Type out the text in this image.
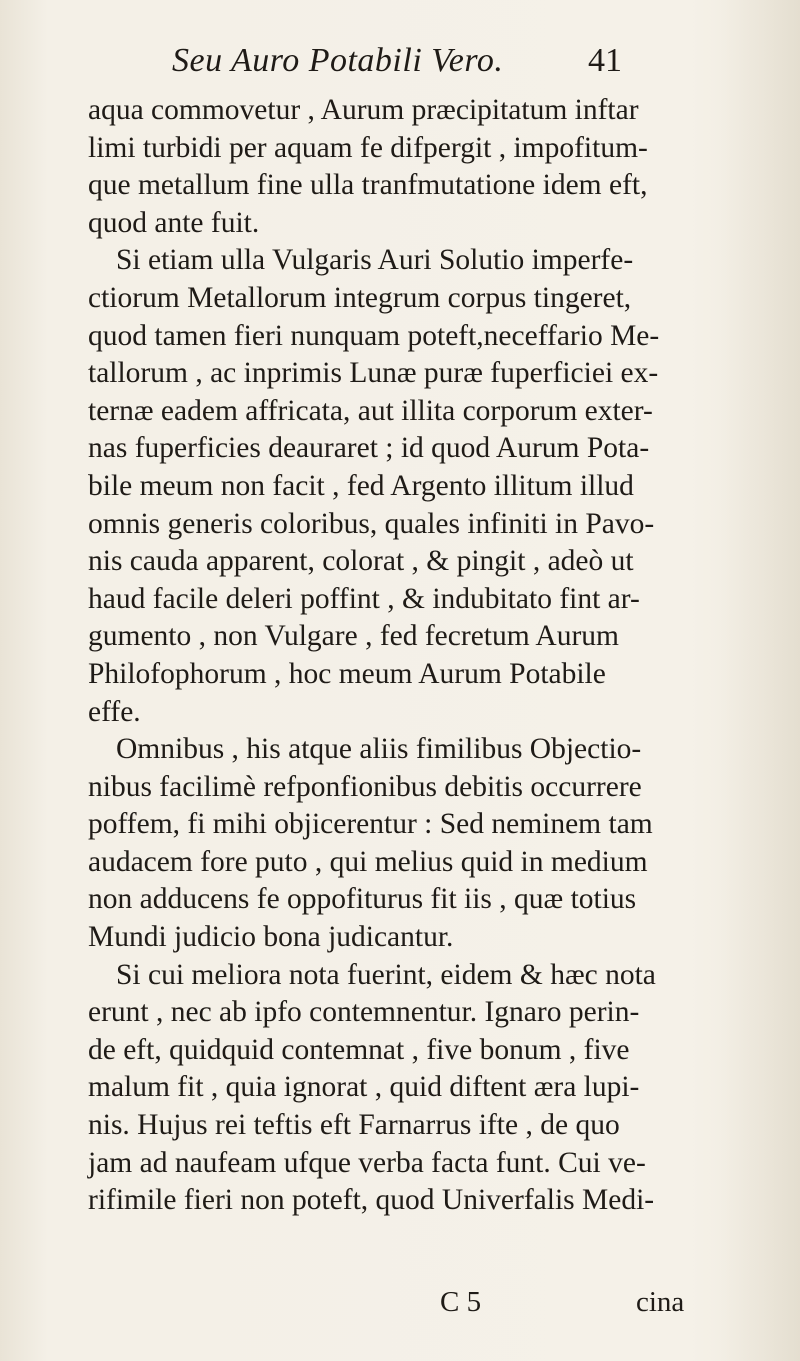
Seu Auro Potabili Vero. 41
aqua commovetur , Aurum præcipitatum inftar
limi turbidi per aquam fe difpergit , impofitum-
que metallum fine ulla tranfmutatione idem eft,
quod ante fuit.
Si etiam ulla Vulgaris Auri Solutio imperfe-
ctiorum Metallorum integrum corpus tingeret,
quod tamen fieri nunquam poteft,neceffario Me-
tallorum , ac inprimis Lunæ puræ fuperficiei ex-
ternæ eadem affricata, aut illita corporum exter-
nas fuperficies deauraret ; id quod Aurum Pota-
bile meum non facit , fed Argento illitum illud
omnis generis coloribus, quales infiniti in Pavo-
nis cauda apparent, colorat , & pingit , adeò ut
haud facile deleri poffint , & indubitato fint ar-
gumento , non Vulgare , fed fecretum Aurum
Philofophorum , hoc meum Aurum Potabile
effe.
Omnibus , his atque aliis fimilibus Objectio-
nibus facilimè refponfionibus debitis occurrere
poffem, fi mihi objicerentur : Sed neminem tam
audacem fore puto , qui melius quid in medium
non adducens fe oppofiturus fit iis , quæ totius
Mundi judicio bona judicantur.
Si cui meliora nota fuerint, eidem & hæc nota
erunt , nec ab ipfo contemnentur. Ignaro perin-
de eft, quidquid contemnat , five bonum , five
malum fit , quia ignorat , quid diftent æra lupi-
nis. Hujus rei teftis eft Farnarrus ifte , de quo
jam ad naufeam ufque verba facta funt. Cui ve-
rifimile fieri non poteft, quod Univerfalis Medi-
C 5	cina
